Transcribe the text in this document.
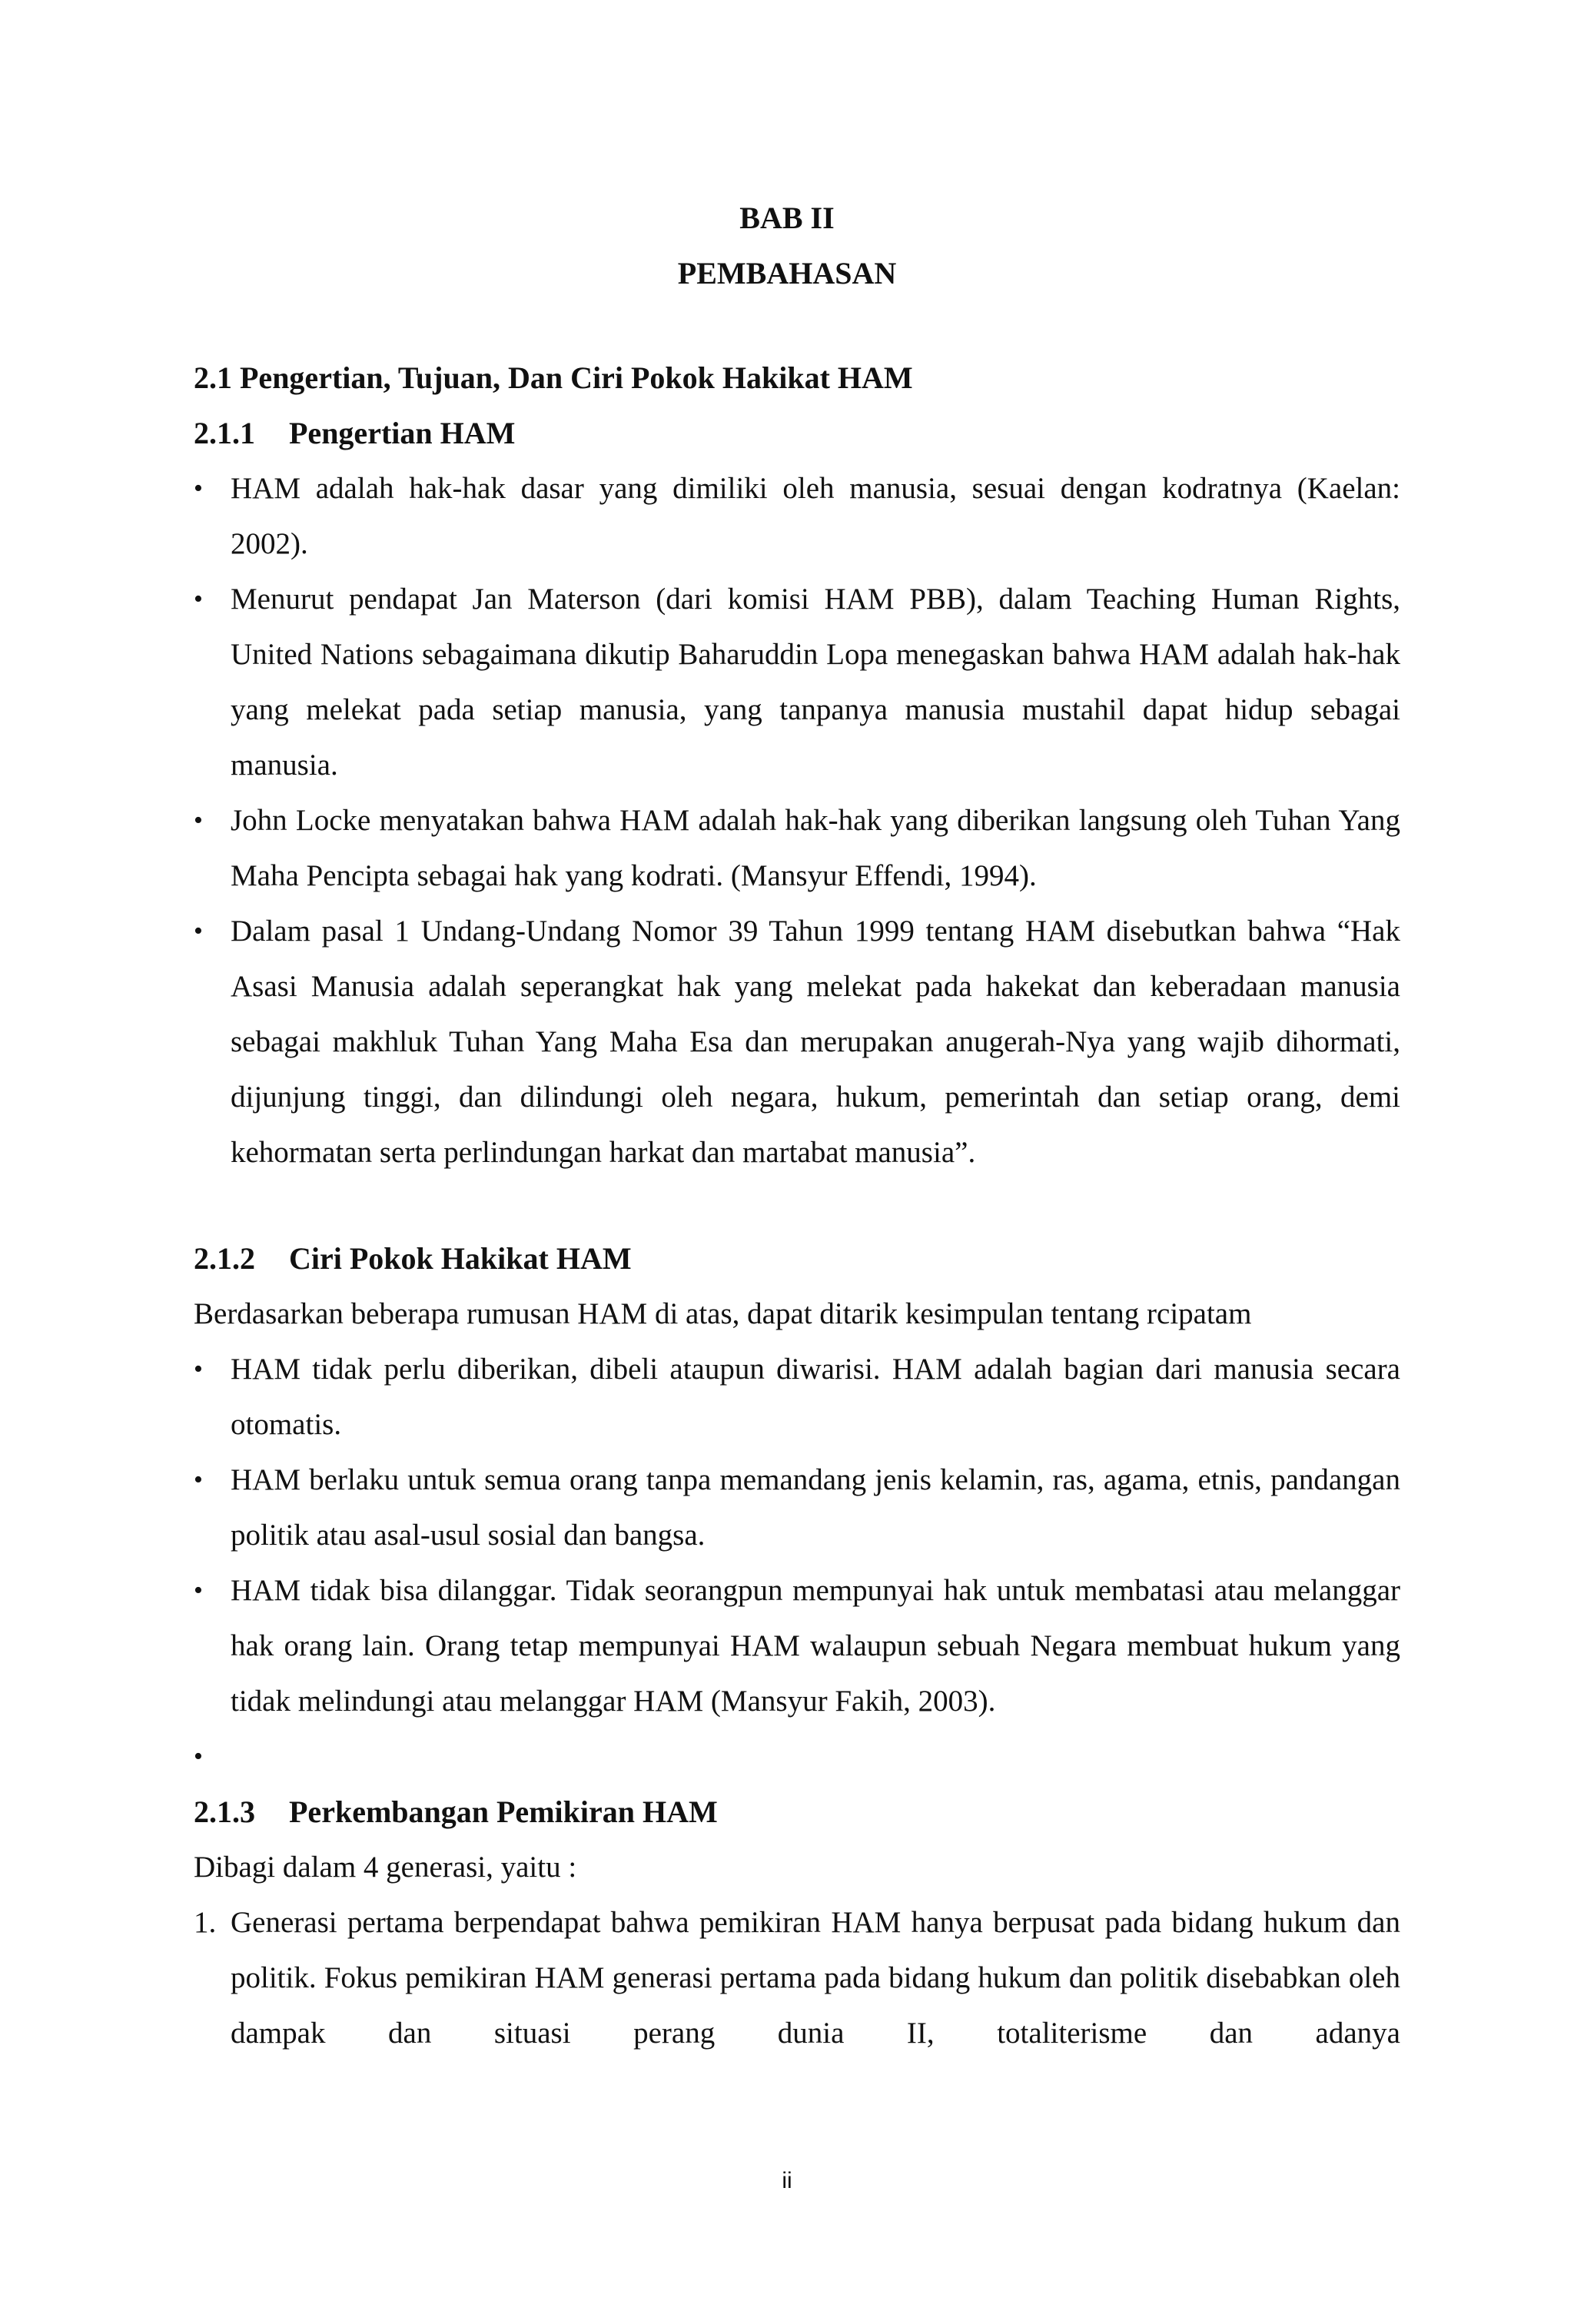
BAB II
PEMBAHASAN
2.1 Pengertian, Tujuan, Dan Ciri Pokok Hakikat HAM
2.1.1 Pengertian HAM
• HAM adalah hak-hak dasar yang dimiliki oleh manusia, sesuai dengan kodratnya (Kaelan: 2002).
• Menurut pendapat Jan Materson (dari komisi HAM PBB), dalam Teaching Human Rights, United Nations sebagaimana dikutip Baharuddin Lopa menegaskan bahwa HAM adalah hak-hak yang melekat pada setiap manusia, yang tanpanya manusia mustahil dapat hidup sebagai manusia.
• John Locke menyatakan bahwa HAM adalah hak-hak yang diberikan langsung oleh Tuhan Yang Maha Pencipta sebagai hak yang kodrati. (Mansyur Effendi, 1994).
• Dalam pasal 1 Undang-Undang Nomor 39 Tahun 1999 tentang HAM disebutkan bahwa “Hak Asasi Manusia adalah seperangkat hak yang melekat pada hakekat dan keberadaan manusia sebagai makhluk Tuhan Yang Maha Esa dan merupakan anugerah-Nya yang wajib dihormati, dijunjung tinggi, dan dilindungi oleh negara, hukum, pemerintah dan setiap orang, demi kehormatan serta perlindungan harkat dan martabat manusia”.
2.1.2 Ciri Pokok Hakikat HAM
Berdasarkan beberapa rumusan HAM di atas, dapat ditarik kesimpulan tentang rcipatam
• HAM tidak perlu diberikan, dibeli ataupun diwarisi. HAM adalah bagian dari manusia secara otomatis.
• HAM berlaku untuk semua orang tanpa memandang jenis kelamin, ras, agama, etnis, pandangan politik atau asal-usul sosial dan bangsa.
• HAM tidak bisa dilanggar. Tidak seorangpun mempunyai hak untuk membatasi atau melanggar hak orang lain. Orang tetap mempunyai HAM walaupun sebuah Negara membuat hukum yang tidak melindungi atau melanggar HAM (Mansyur Fakih, 2003).
•
2.1.3 Perkembangan Pemikiran HAM
Dibagi dalam 4 generasi, yaitu :
1. Generasi pertama berpendapat bahwa pemikiran HAM hanya berpusat pada bidang hukum dan politik. Fokus pemikiran HAM generasi pertama pada bidang hukum dan politik disebabkan oleh dampak dan situasi perang dunia II, totaliterisme dan adanya
ii
